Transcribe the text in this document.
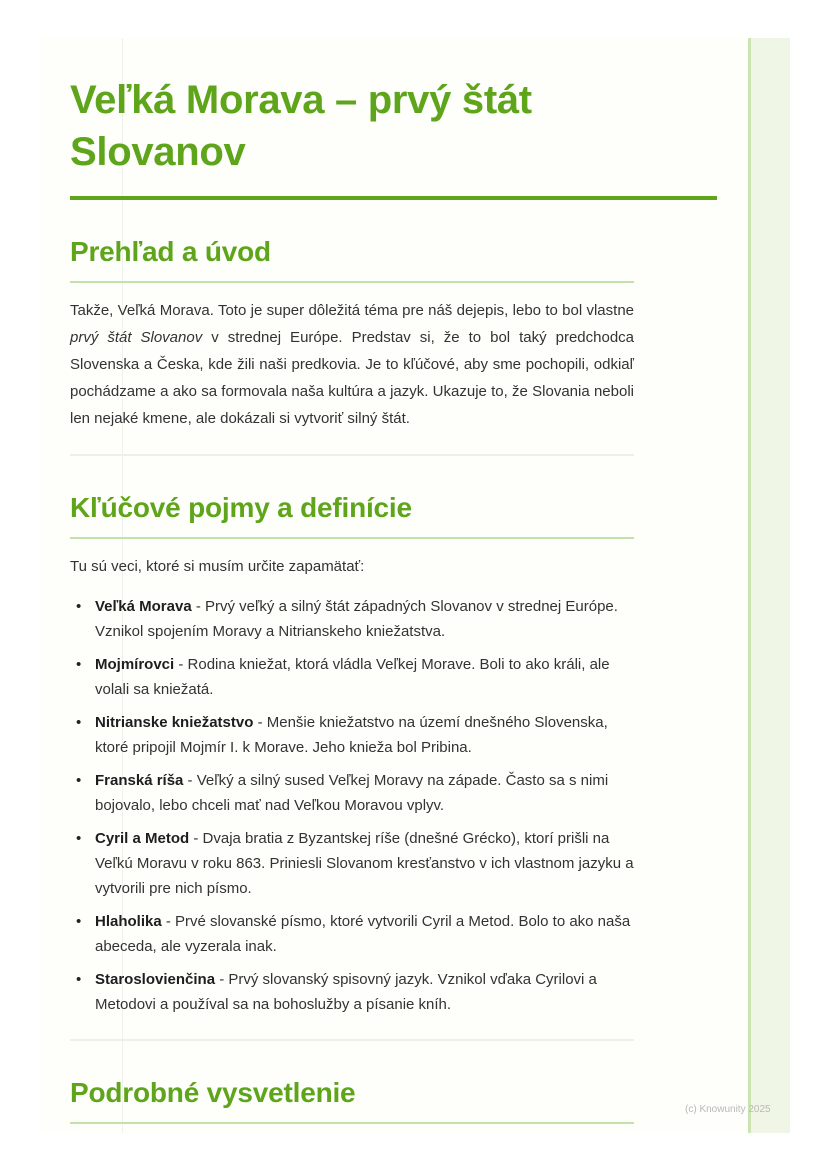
Veľká Morava – prvý štát
Slovanov
Prehľad a úvod

Takže, Veľká Morava. Toto je super dôležitá téma pre náš dejepis, lebo to bol vlastne prvý štát Slovanov v strednej Európe. Predstav si, že to bol taký predchodca Slovenska a Česka, kde žili naši predkovia. Je to kľúčové, aby sme pochopili, odkiaľ pochádzame a ako sa formovala naša kultúra a jazyk. Ukazuje to, že Slovania neboli len nejaké kmene, ale dokázali si vytvoriť silný štát.

Kľúčové pojmy a definície

Tu sú veci, ktoré si musím určite zapamätať:

• Veľká Morava - Prvý veľký a silný štát západných Slovanov v strednej Európe. Vznikol spojením Moravy a Nitrianskeho kniežatstva.
• Mojmírovci - Rodina kniežat, ktorá vládla Veľkej Morave. Boli to ako králi, ale volali sa kniežatá.
• Nitrianske kniežatstvo - Menšie kniežatstvo na území dnešného Slovenska, ktoré pripojil Mojmír I. k Morave. Jeho knieža bol Pribina.
• Franská ríša - Veľký a silný sused Veľkej Moravy na západe. Často sa s nimi bojovalo, lebo chceli mať nad Veľkou Moravou vplyv.
• Cyril a Metod - Dvaja bratia z Byzantskej ríše (dnešné Grécko), ktorí prišli na Veľkú Moravu v roku 863. Priniesli Slovanom kresťanstvo v ich vlastnom jazyku a vytvorili pre nich písmo.
• Hlaholika - Prvé slovanské písmo, ktoré vytvorili Cyril a Metod. Bolo to ako naša abeceda, ale vyzerala inak.
• Staroslovienčina - Prvý slovanský spisovný jazyk. Vznikol vďaka Cyrilovi a Metodovi a používal sa na bohoslužby a písanie kníh.
Podrobné vysvetlenie
(c) Knowunity 2025
